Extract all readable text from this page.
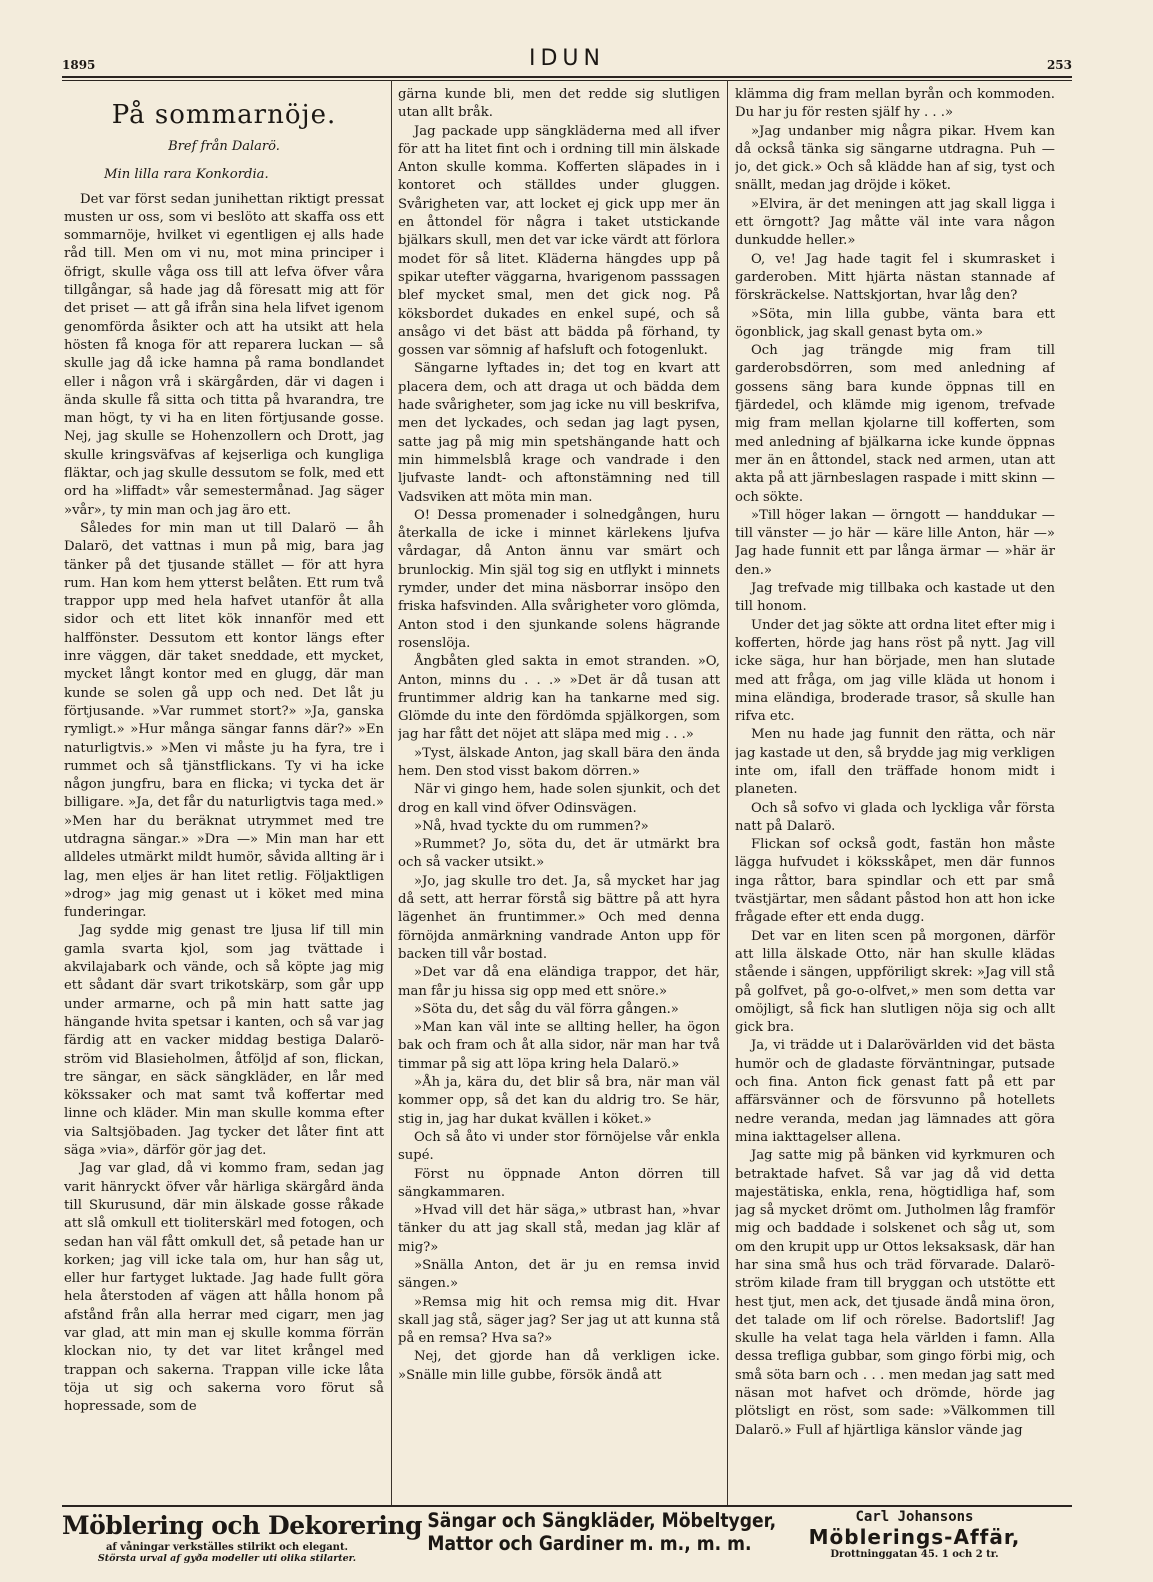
1895	IDUN	253
På sommarnöje.
Bref från Dalarö.

Min lilla rara Konkordia.

Det var först sedan junihettan riktigt pressat musten ur oss, som vi beslöto att skaffa oss ett sommarnöje, hvilket vi egentligen ej alls hade råd till. Men om vi nu, mot mina principer i öfrigt, skulle våga oss till att lefva öfver våra tillgångar, så hade jag då föresatt mig att för det priset — att gå ifrån sina hela lifvet igenom genomförda åsikter och att ha utsikt att hela hösten få knoga för att reparera luckan — så skulle jag då icke hamna på rama bondlandet eller i någon vrå i skärgården, där vi dagen i ända skulle få sitta och titta på hvarandra, tre man högt, ty vi ha en liten förtjusande gosse. Nej, jag skulle se Hohenzollern och Drott, jag skulle kringsväfvas af kejserliga och kungliga fläktar, och jag skulle dessutom se folk, med ett ord ha »liffadt» vår semestermånad. Jag säger »vår», ty min man och jag äro ett.

Således for min man ut till Dalarö — åh Dalarö, det vattnas i mun på mig, bara jag tänker på det tjusande stället — för att hyra rum. Han kom hem ytterst belåten. Ett rum två trappor upp med hela hafvet utanför åt alla sidor och ett litet kök innanför med ett halffönster. Dessutom ett kontor längs efter inre väggen, där taket sneddade, ett mycket, mycket långt kontor med en glugg, där man kunde se solen gå upp och ned. Det låt ju förtjusande. »Var rummet stort?» »Ja, ganska rymligt.» »Hur många sängar fanns där?» »En naturligtvis.» »Men vi måste ju ha fyra, tre i rummet och så tjänstflickans. Ty vi ha icke någon jungfru, bara en flicka; vi tycka det är billigare. »Ja, det får du naturligtvis taga med.» »Men har du beräknat utrymmet med tre utdragna sängar.» »Dra —» Min man har ett alldeles utmärkt mildt humör, såvida allting är i lag, men eljes är han litet retlig. Följaktligen »drog» jag mig genast ut i köket med mina funderingar.

Jag sydde mig genast tre ljusa lif till min gamla svarta kjol, som jag tvättade i akvilajabark och vände, och så köpte jag mig ett sådant där svart trikotskärp, som går upp under armarne, och på min hatt satte jag hängande hvita spetsar i kanten, och så var jag färdig att en vacker middag bestiga Dalarö-ström vid Blasieholmen, åtföljd af son, flickan, tre sängar, en säck sängkläder, en lår med kökssaker och mat samt två koffertar med linne och kläder. Min man skulle komma efter via Saltsjöbaden. Jag tycker det låter fint att säga »via», därför gör jag det.

Jag var glad, då vi kommo fram, sedan jag varit hänryckt öfver vår härliga skärgård ända till Skurusund, där min älskade gosse råkade att slå omkull ett tioliterskärl med fotogen, och sedan han väl fått omkull det, så petade han ur korken; jag vill icke tala om, hur han såg ut, eller hur fartyget luktade. Jag hade fullt göra hela återstoden af vägen att hålla honom på afstånd från alla herrar med cigarr, men jag var glad, att min man ej skulle komma förrän klockan nio, ty det var litet krångel med trappan och sakerna. Trappan ville icke låta töja ut sig och sakerna voro förut så hopressade, som de

gärna kunde bli, men det redde sig slutligen utan allt bråk.

Jag packade upp sängkläderna med all ifver för att ha litet fint och i ordning till min älskade Anton skulle komma. Kofferten släpades in i kontoret och ställdes under gluggen. Svårigheten var, att locket ej gick upp mer än en åttondel för några i taket utstickande bjälkars skull, men det var icke värdt att förlora modet för så litet. Kläderna hängdes upp på spikar utefter väggarna, hvarigenom passsagen blef mycket smal, men det gick nog. På köksbordet dukades en enkel supé, och så ansågo vi det bäst att bädda på förhand, ty gossen var sömnig af hafsluft och fotogenlukt.

Sängarne lyftades in; det tog en kvart att placera dem, och att draga ut och bädda dem hade svårigheter, som jag icke nu vill beskrifva, men det lyckades, och sedan jag lagt pysen, satte jag på mig min spetshängande hatt och min himmelsblå krage och vandrade i den ljufvaste landt- och aftonstämning ned till Vadsviken att möta min man.

O! Dessa promenader i solnedgången, huru återkalla de icke i minnet kärlekens ljufva vårdagar, då Anton ännu var smärt och brunlockig. Min själ tog sig en utflykt i minnets rymder, under det mina näsborrar insöpo den friska hafsvinden. Alla svårigheter voro glömda, Anton stod i den sjunkande solens hägrande rosenslöja.

Ångbåten gled sakta in emot stranden. »O, Anton, minns du . . .» »Det är då tusan att fruntimmer aldrig kan ha tankarne med sig. Glömde du inte den fördömda spjälkorgen, som jag har fått det nöjet att släpa med mig . . .»

»Tyst, älskade Anton, jag skall bära den ända hem. Den stod visst bakom dörren.»

När vi gingo hem, hade solen sjunkit, och det drog en kall vind öfver Odinsvägen.

»Nå, hvad tyckte du om rummen?»

»Rummet? Jo, söta du, det är utmärkt bra och så vacker utsikt.»

»Jo, jag skulle tro det. Ja, så mycket har jag då sett, att herrar förstå sig bättre på att hyra lägenhet än fruntimmer.» Och med denna förnöjda anmärkning vandrade Anton upp för backen till vår bostad.

»Det var då ena eländiga trappor, det här, man får ju hissa sig opp med ett snöre.»

»Söta du, det såg du väl förra gången.»

»Man kan väl inte se allting heller, ha ögon bak och fram och åt alla sidor, när man har två timmar på sig att löpa kring hela Dalarö.»

»Åh ja, kära du, det blir så bra, när man väl kommer opp, så det kan du aldrig tro. Se här, stig in, jag har dukat kvällen i köket.»

Och så åto vi under stor förnöjelse vår enkla supé.

Först nu öppnade Anton dörren till sängkammaren.

»Hvad vill det här säga,» utbrast han, »hvar tänker du att jag skall stå, medan jag klär af mig?»

»Snälla Anton, det är ju en remsa invid sängen.»

»Remsa mig hit och remsa mig dit. Hvar skall jag stå, säger jag? Ser jag ut att kunna stå på en remsa? Hva sa?»

Nej, det gjorde han då verkligen icke. »Snälle min lille gubbe, försök ändå att

klämma dig fram mellan byrån och kommoden. Du har ju för resten själf hy . . .»

»Jag undanber mig några pikar. Hvem kan då också tänka sig sängarne utdragna. Puh — jo, det gick.» Och så klädde han af sig, tyst och snällt, medan jag dröjde i köket.

»Elvira, är det meningen att jag skall ligga i ett örngott? Jag måtte väl inte vara någon dunkudde heller.»

O, ve! Jag hade tagit fel i skumrasket i garderoben. Mitt hjärta nästan stannade af förskräckelse. Nattskjortan, hvar låg den?

»Söta, min lilla gubbe, vänta bara ett ögonblick, jag skall genast byta om.»

Och jag trängde mig fram till garderobsdörren, som med anledning af gossens säng bara kunde öppnas till en fjärdedel, och klämde mig igenom, trefvade mig fram mellan kjolarne till kofferten, som med anledning af bjälkarna icke kunde öppnas mer än en åttondel, stack ned armen, utan att akta på att järnbeslagen raspade i mitt skinn — och sökte.

»Till höger lakan — örngott — handdukar — till vänster — jo här — käre lille Anton, här —» Jag hade funnit ett par långa ärmar — »här är den.»

Jag trefvade mig tillbaka och kastade ut den till honom.

Under det jag sökte att ordna litet efter mig i kofferten, hörde jag hans röst på nytt. Jag vill icke säga, hur han började, men han slutade med att fråga, om jag ville kläda ut honom i mina eländiga, broderade trasor, så skulle han rifva etc.

Men nu hade jag funnit den rätta, och när jag kastade ut den, så brydde jag mig verkligen inte om, ifall den träffade honom midt i planeten.

Och så sofvo vi glada och lyckliga vår första natt på Dalarö.

Flickan sof också godt, fastän hon måste lägga hufvudet i köksskåpet, men där funnos inga råttor, bara spindlar och ett par små tvästjärtar, men sådant påstod hon att hon icke frågade efter ett enda dugg.

Det var en liten scen på morgonen, därför att lilla älskade Otto, när han skulle klädas stående i sängen, uppföriligt skrek: »Jag vill stå på golfvet, på go-o-olfvet,» men som detta var omöjligt, så fick han slutligen nöja sig och allt gick bra.

Ja, vi trädde ut i Dalarövärlden vid det bästa humör och de gladaste förväntningar, putsade och fina. Anton fick genast fatt på ett par affärsvänner och de försvunno på hotellets nedre veranda, medan jag lämnades att göra mina iakttagelser allena.

Jag satte mig på bänken vid kyrkmuren och betraktade hafvet. Så var jag då vid detta majestätiska, enkla, rena, högtidliga haf, som jag så mycket drömt om. Jutholmen låg framför mig och baddade i solskenet och såg ut, som om den krupit upp ur Ottos leksaksask, där han har sina små hus och träd förvarade. Dalarö-ström kilade fram till bryggan och utstötte ett hest tjut, men ack, det tjusade ändå mina öron, det talade om lif och rörelse. Badortslif! Jag skulle ha velat taga hela världen i famn. Alla dessa trefliga gubbar, som gingo förbi mig, och små söta barn och . . . men medan jag satt med näsan mot hafvet och drömde, hörde jag plötsligt en röst, som sade: »Välkommen till Dalarö.» Full af hjärtliga känslor vände jag

Möblering och Dekorering
af våningar verkställes stilrikt och elegant.
Största urval af gyða modeller uti olika stilarter.
Sängar och Sängkläder, Möbeltyger,
Mattor och Gardiner m. m., m. m.
Carl Johansons
Möblerings-Affär,
Drottninggatan 45. 1 och 2 tr.
